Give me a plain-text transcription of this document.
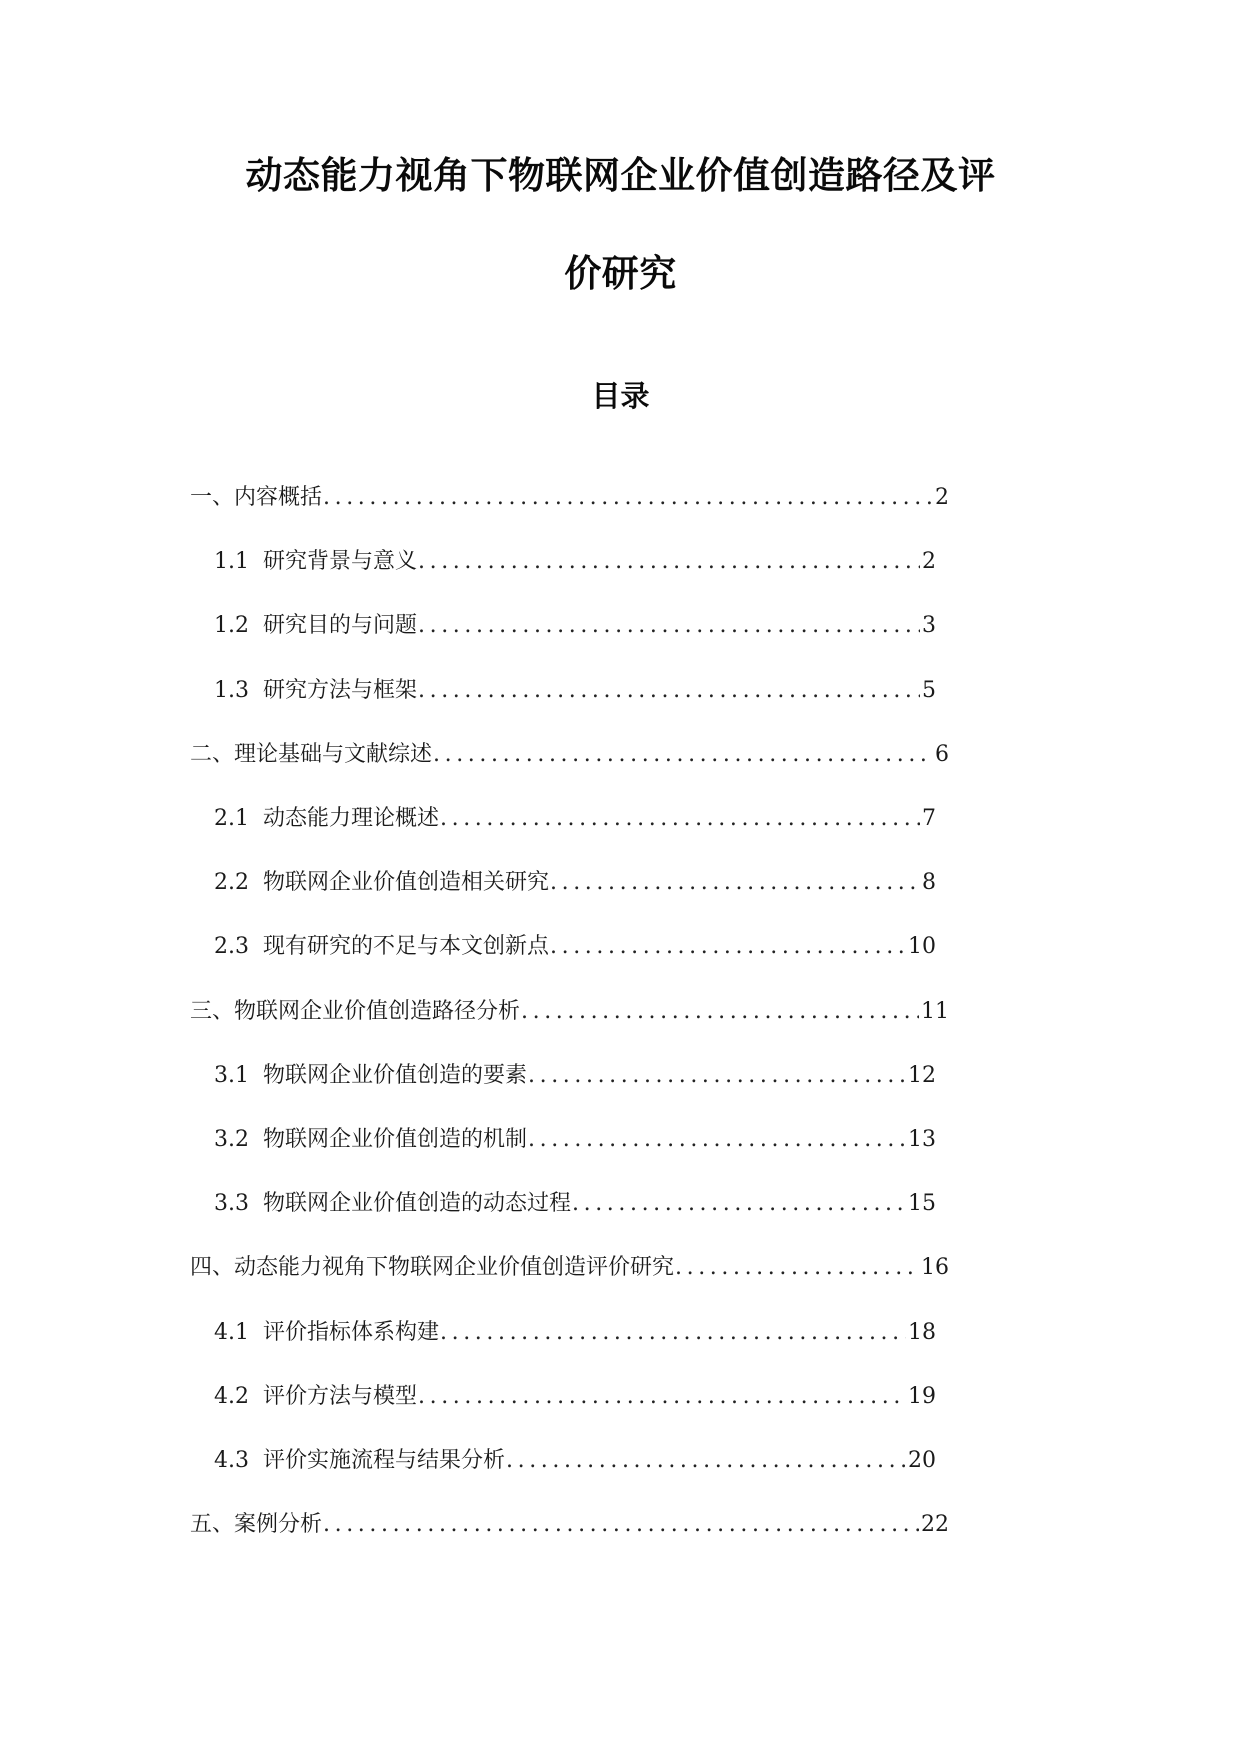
动态能力视角下物联网企业价值创造路径及评
价研究
目录
一、内容概括 .....	2
1.1 研究背景与意义 .....	2
1.2 研究目的与问题 .....	3
1.3 研究方法与框架 .....	5
二、理论基础与文献综述 .....	6
2.1 动态能力理论概述 .....	7
2.2 物联网企业价值创造相关研究 .....	8
2.3 现有研究的不足与本文创新点 .....	10
三、物联网企业价值创造路径分析 .....	11
3.1 物联网企业价值创造的要素 .....	12
3.2 物联网企业价值创造的机制 .....	13
3.3 物联网企业价值创造的动态过程 .....	15
四、动态能力视角下物联网企业价值创造评价研究 .....	16
4.1 评价指标体系构建 .....	18
4.2 评价方法与模型 .....	19
4.3 评价实施流程与结果分析 .....	20
五、案例分析 .....	22
